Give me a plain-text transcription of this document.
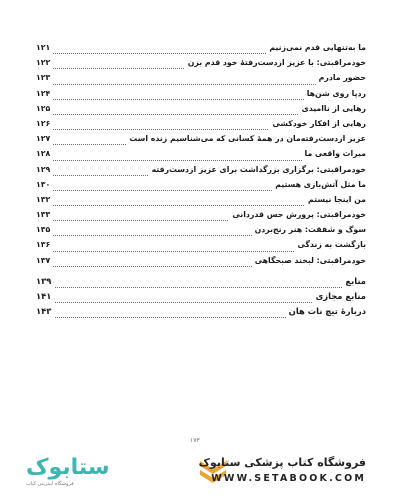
ما به‌تنهایی قدم نمی‌زنیم
۱۲۱
خودمراقبتی: با عزیز ازدست‌رفتهٔ خود قدم بزن
۱۲۲
حضور مادرم
۱۲۳
ردپا روی شن‌ها
۱۲۴
رهایی از ناامیدی
۱۲۵
رهایی از افکار خودکشی
۱۲۶
عزیز ازدست‌رفته‌مان در همهٔ کسانی که می‌شناسیم زنده است
۱۲۷
میراث واقعی ما
۱۲۸
خودمراقبتی: برگزاری بزرگداشت برای عزیز ازدست‌رفته
۱۲۹
ما مثل آتش‌بازی هستیم
۱۳۰
من اینجا نیستم
۱۳۲
خودمراقبتی: پرورش حس قدردانی
۱۳۳
سوگ و شفقت: هنر رنج‌بردن
۱۳۵
بازگشت به زندگی
۱۳۶
خودمراقبتی: لبخند صبحگاهی
۱۳۷
منابع
۱۳۹
منابع مجازی
۱۴۱
دربارهٔ تیچ نات هان
۱۴۳
۱۷۳
ستابوک
فروشگاه اینترنتی کتاب
فروشگاه کتاب پزشکی ستابوک
WWW.SETABOOK.COM
